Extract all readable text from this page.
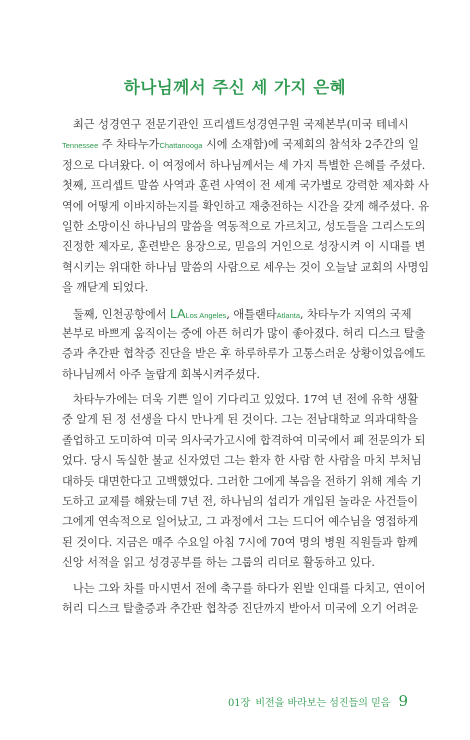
하나님께서 주신 세 가지 은혜
최근 성경연구 전문기관인 프리셉트성경연구원 국제본부(미국 테네시
Tennessee 주 차타누가Chattanooga 시에 소재함)에 국제회의 참석차 2주간의 일
정으로 다녀왔다. 이 여정에서 하나님께서는 세 가지 특별한 은혜를 주셨다.
첫째, 프리셉트 말씀 사역과 훈련 사역이 전 세계 국가별로 강력한 제자화 사
역에 어떻게 이바지하는지를 확인하고 재충전하는 시간을 갖게 해주셨다. 유
일한 소망이신 하나님의 말씀을 역동적으로 가르치고, 성도들을 그리스도의
진정한 제자로, 훈련받은 용장으로, 믿음의 거인으로 성장시켜 이 시대를 변
혁시키는 위대한 하나님 말씀의 사람으로 세우는 것이 오늘날 교회의 사명임
을 깨닫게 되었다.
둘째, 인천공항에서 LALos Angeles, 애틀랜타Atlanta, 차타누가 지역의 국제
본부로 바쁘게 움직이는 중에 아픈 허리가 많이 좋아졌다. 허리 디스크 탈출
증과 추간판 협착증 진단을 받은 후 하루하루가 고통스러운 상황이었음에도
하나님께서 아주 놀랍게 회복시켜주셨다.
차타누가에는 더욱 기쁜 일이 기다리고 있었다. 17여 년 전에 유학 생활
중 알게 된 정 선생을 다시 만나게 된 것이다. 그는 전남대학교 의과대학을
졸업하고 도미하여 미국 의사국가고시에 합격하여 미국에서 폐 전문의가 되
었다. 당시 독실한 불교 신자였던 그는 환자 한 사람 한 사람을 마치 부처님
대하듯 대면한다고 고백했었다. 그러한 그에게 복음을 전하기 위해 계속 기
도하고 교제를 해왔는데 7년 전, 하나님의 섭리가 개입된 놀라운 사건들이
그에게 연속적으로 일어났고, 그 과정에서 그는 드디어 예수님을 영접하게
된 것이다. 지금은 매주 수요일 아침 7시에 70여 명의 병원 직원들과 함께
신앙 서적을 읽고 성경공부를 하는 그룹의 리더로 활동하고 있다.
나는 그와 차를 마시면서 전에 축구를 하다가 왼발 인대를 다치고, 연이어
허리 디스크 탈출증과 추간판 협착증 진단까지 받아서 미국에 오기 어려운
01장 비전을 바라보는 섬진들의 믿음 9
